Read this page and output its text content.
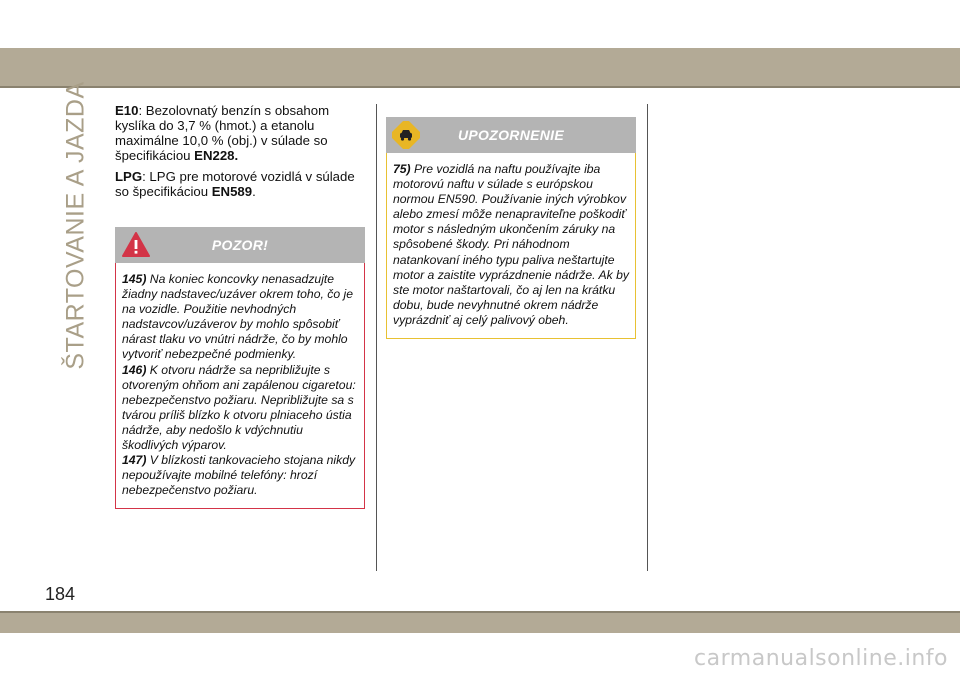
ŠTARTOVANIE A JAZDA E10: Bezolovnatý benzín s obsahom kyslíka do 3,7 % (hmot.) a etanolu maximálne 10,0 % (obj.) v súlade so špecifikáciou EN228.

LPG: LPG pre motorové vozidlá v súlade so špecifikáciou EN589.

POZOR!

145) Na koniec koncovky nenasadzujte žiadny nadstavec/uzáver okrem toho, čo je na vozidle. Použitie nevhodných nadstavcov/uzáverov by mohlo spôsobiť nárast tlaku vo vnútri nádrže, čo by mohlo vytvoriť nebezpečné podmienky.

146) K otvoru nádrže sa nepribližujte s otvoreným ohňom ani zapálenou cigaretou: nebezpečenstvo požiaru. Nepribližujte sa s tvárou príliš blízko k otvoru plniaceho ústia nádrže, aby nedošlo k vdýchnutiu škodlivých výparov.

147) V blízkosti tankovacieho stojana nikdy nepoužívajte mobilné telefóny: hrozí nebezpečenstvo požiaru.

UPOZORNENIE

75) Pre vozidlá na naftu používajte iba motorovú naftu v súlade s európskou normou EN590. Používanie iných výrobkov alebo zmesí môže nenapraviteľne poškodiť motor s následným ukončením záruky na spôsobené škody. Pri náhodnom natankovaní iného typu paliva neštartujte motor a zaistite vyprázdnenie nádrže. Ak by ste motor naštartovali, čo aj len na krátku dobu, bude nevyhnutné okrem nádrže vyprázdniť aj celý palivový obeh.

184
carmanualsonline.info
